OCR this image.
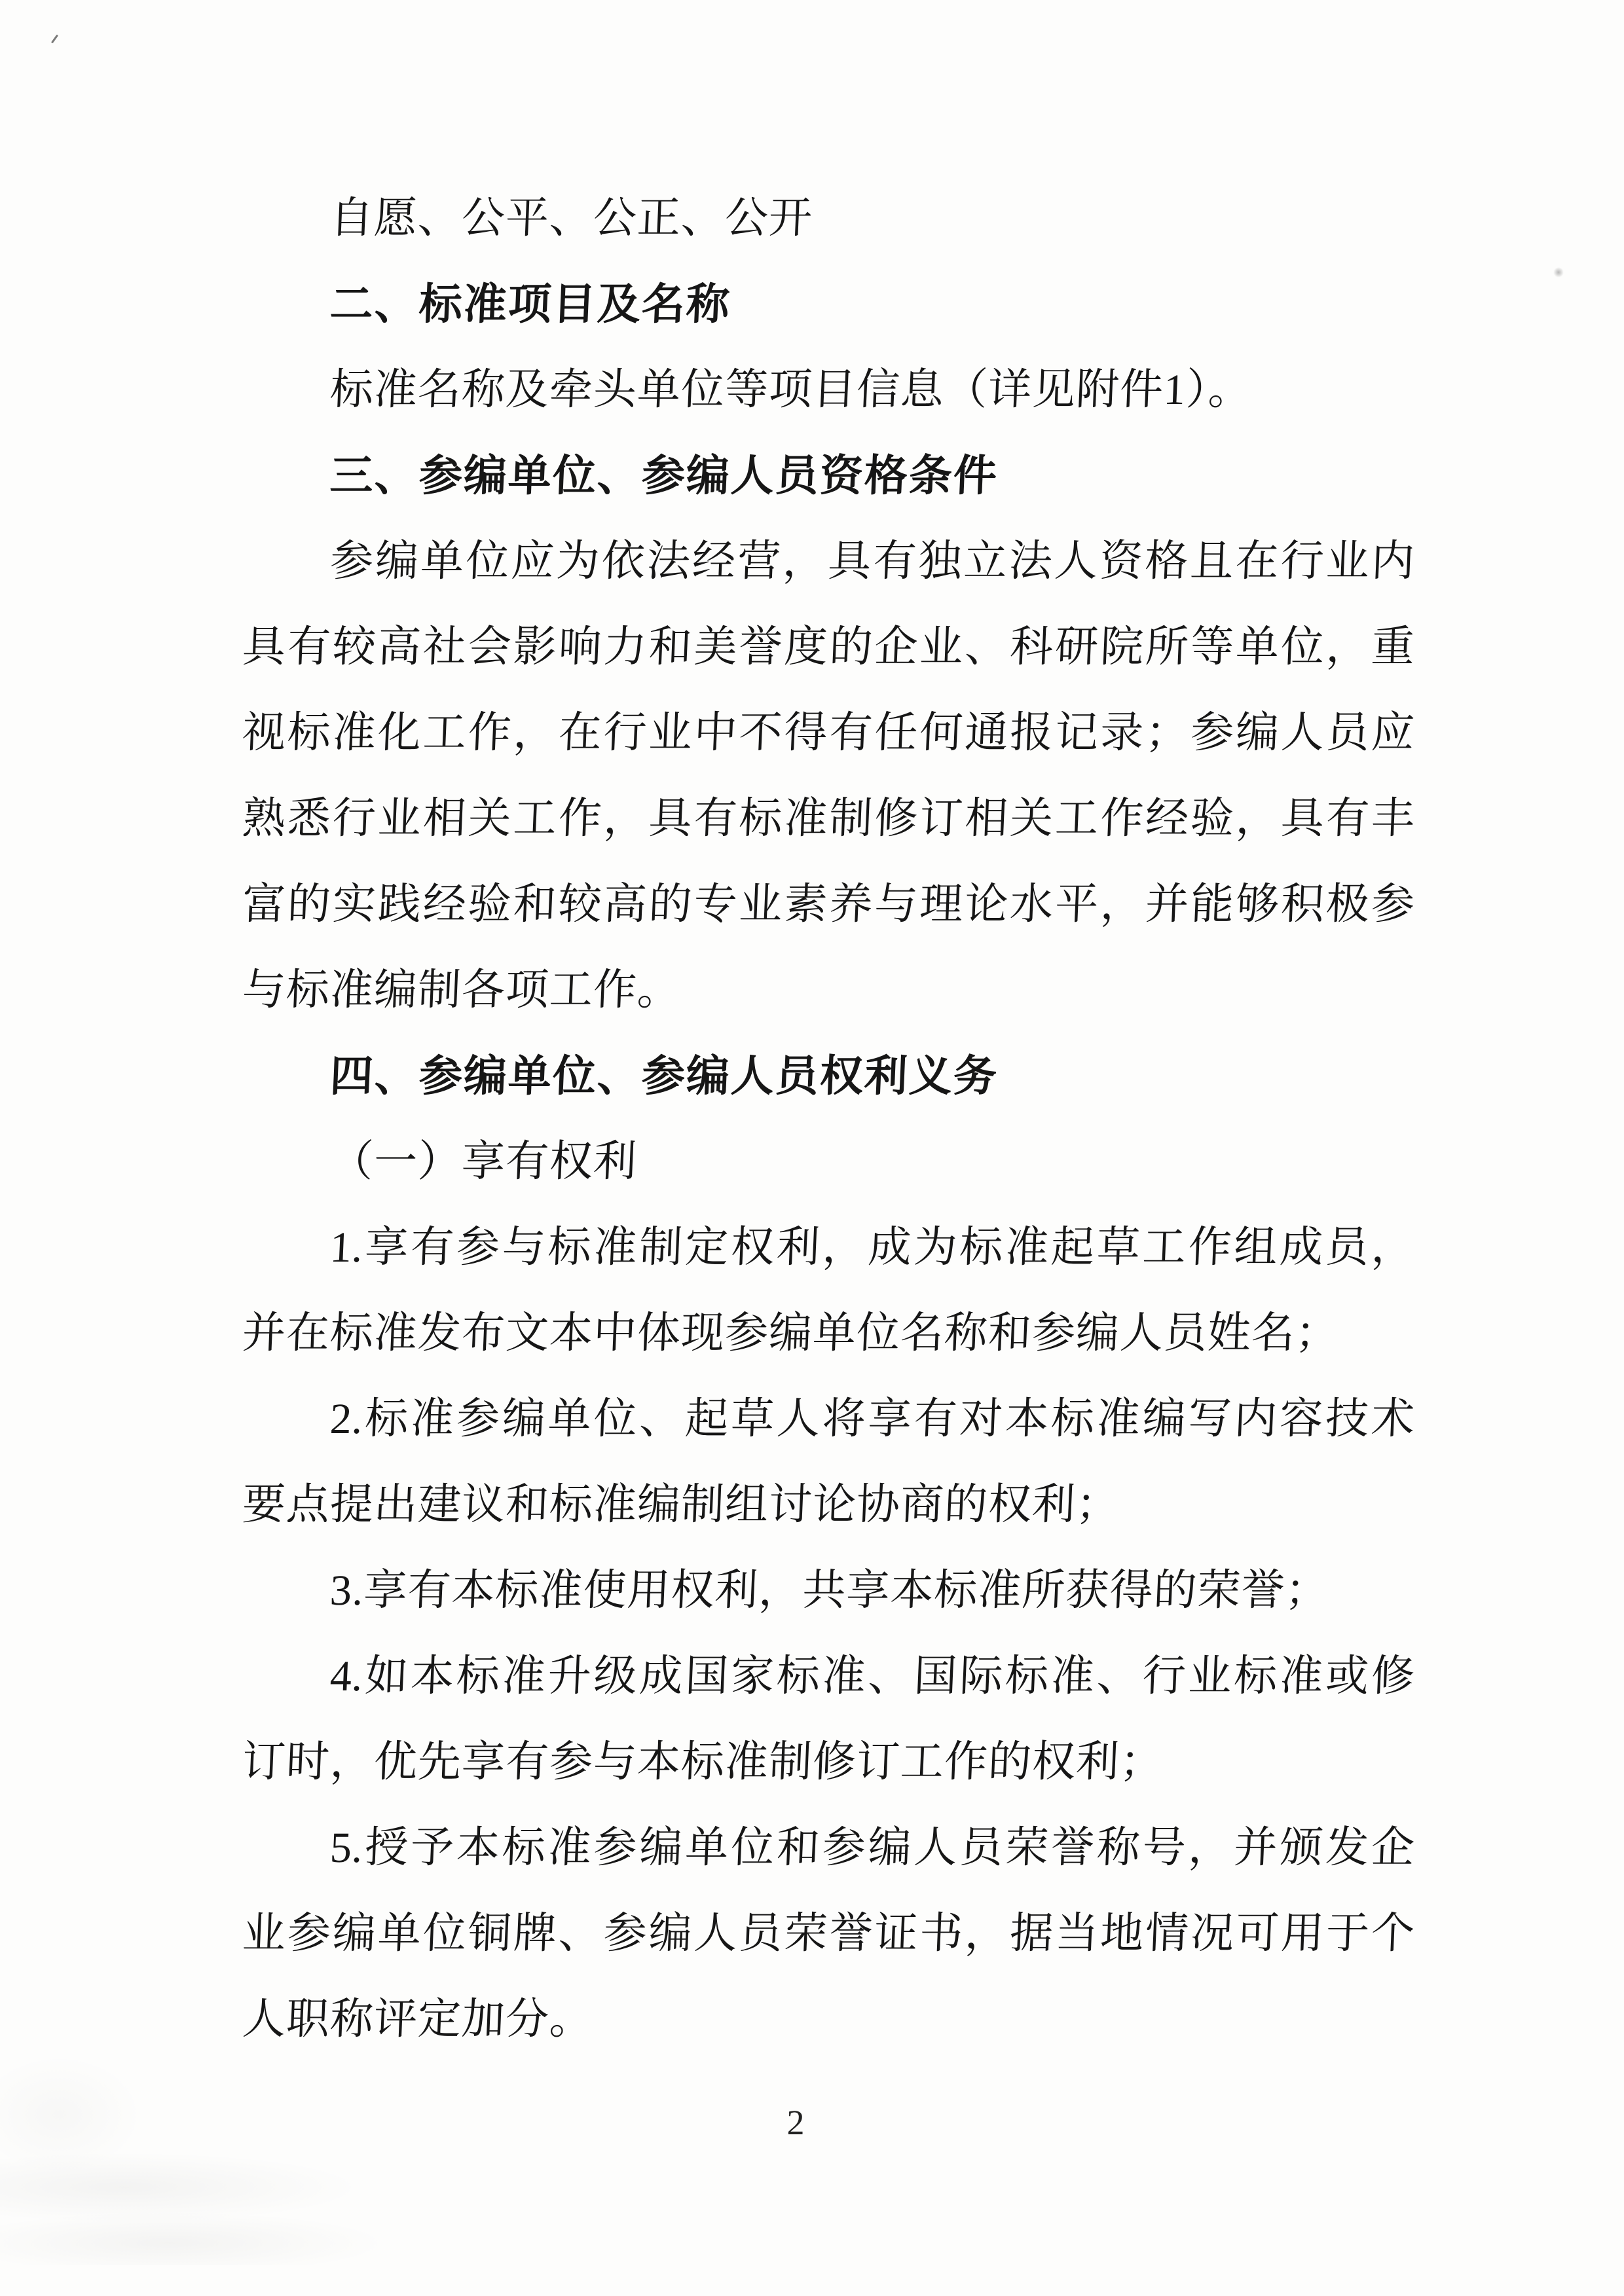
自愿、公平、公正、公开
二、标准项目及名称
标准名称及牵头单位等项目信息（详见附件1）。
三、参编单位、参编人员资格条件
参编单位应为依法经营，具有独立法人资格且在行业内
具有较高社会影响力和美誉度的企业、科研院所等单位，重
视标准化工作，在行业中不得有任何通报记录；参编人员应
熟悉行业相关工作，具有标准制修订相关工作经验，具有丰
富的实践经验和较高的专业素养与理论水平，并能够积极参
与标准编制各项工作。
四、参编单位、参编人员权利义务
（一）享有权利
1.享有参与标准制定权利，成为标准起草工作组成员，
并在标准发布文本中体现参编单位名称和参编人员姓名；
2.标准参编单位、起草人将享有对本标准编写内容技术
要点提出建议和标准编制组讨论协商的权利；
3.享有本标准使用权利，共享本标准所获得的荣誉；
4.如本标准升级成国家标准、国际标准、行业标准或修
订时，优先享有参与本标准制修订工作的权利；
5.授予本标准参编单位和参编人员荣誉称号，并颁发企
业参编单位铜牌、参编人员荣誉证书，据当地情况可用于个
人职称评定加分。
2
